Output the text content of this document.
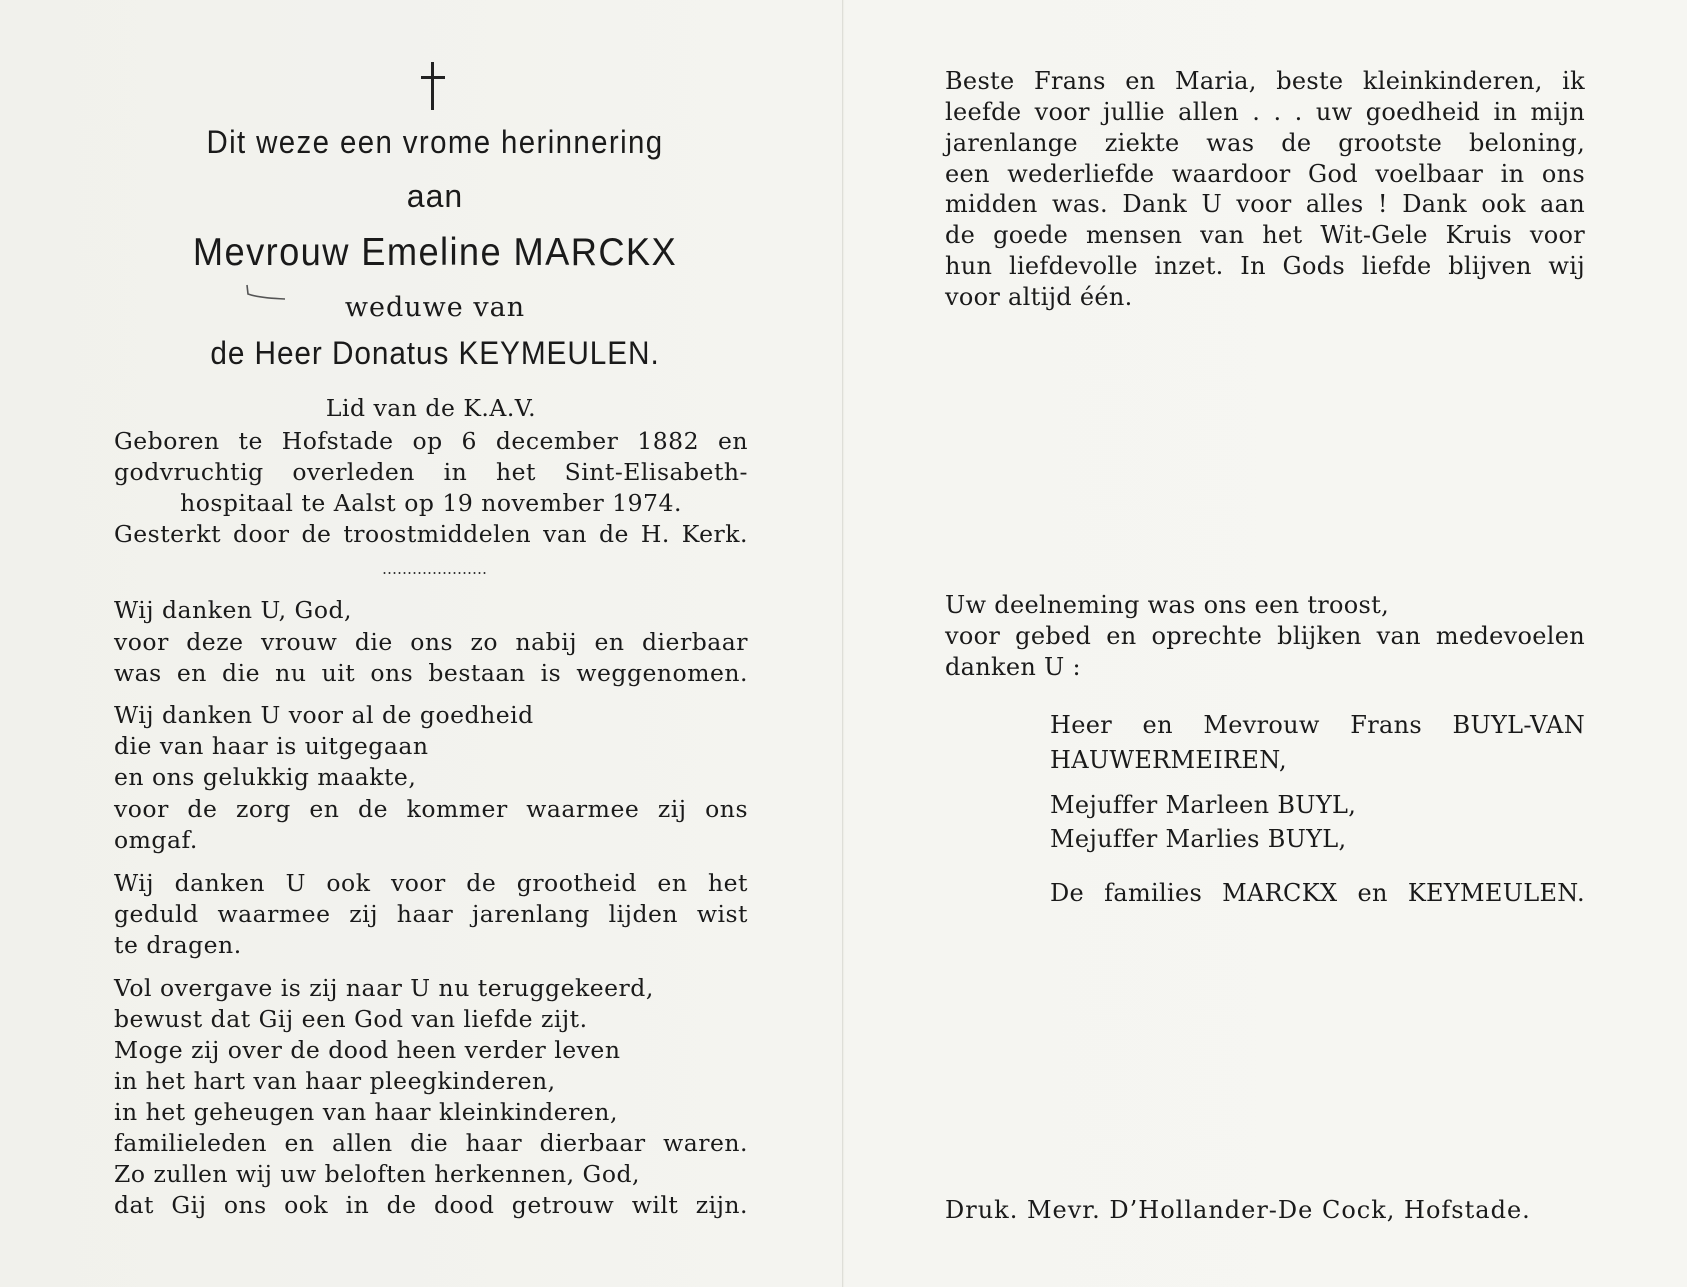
Dit weze een vrome herinnering
aan
Mevrouw Emeline MARCKX
weduwe van
de Heer Donatus KEYMEULEN.
Lid van de K.A.V.
Geboren te Hofstade op 6 december 1882 en
godvruchtig overleden in het Sint-Elisabeth-
hospitaal te Aalst op 19 november 1974.
Gesterkt door de troostmiddelen van de H. Kerk.
Wij danken U, God,
voor deze vrouw die ons zo nabij en dierbaar
was en die nu uit ons bestaan is weggenomen.
Wij danken U voor al de goedheid
die van haar is uitgegaan
en ons gelukkig maakte,
voor de zorg en de kommer waarmee zij ons
omgaf.
Wij danken U ook voor de grootheid en het
geduld waarmee zij haar jarenlang lijden wist
te dragen.
Vol overgave is zij naar U nu teruggekeerd,
bewust dat Gij een God van liefde zijt.
Moge zij over de dood heen verder leven
in het hart van haar pleegkinderen,
in het geheugen van haar kleinkinderen,
familieleden en allen die haar dierbaar waren.
Zo zullen wij uw beloften herkennen, God,
dat Gij ons ook in de dood getrouw wilt zijn.
Beste Frans en Maria, beste kleinkinderen, ik
leefde voor jullie allen . . . uw goedheid in mijn
jarenlange ziekte was de grootste beloning,
een wederliefde waardoor God voelbaar in ons
midden was. Dank U voor alles ! Dank ook aan
de goede mensen van het Wit-Gele Kruis voor
hun liefdevolle inzet. In Gods liefde blijven wij
voor altijd één.
Uw deelneming was ons een troost,
voor gebed en oprechte blijken van medevoelen
danken U :
Heer en Mevrouw Frans BUYL-VAN
HAUWERMEIREN,
Mejuffer Marleen BUYL,
Mejuffer Marlies BUYL,
De families MARCKX en KEYMEULEN.
Druk. Mevr. D’Hollander-De Cock, Hofstade.
